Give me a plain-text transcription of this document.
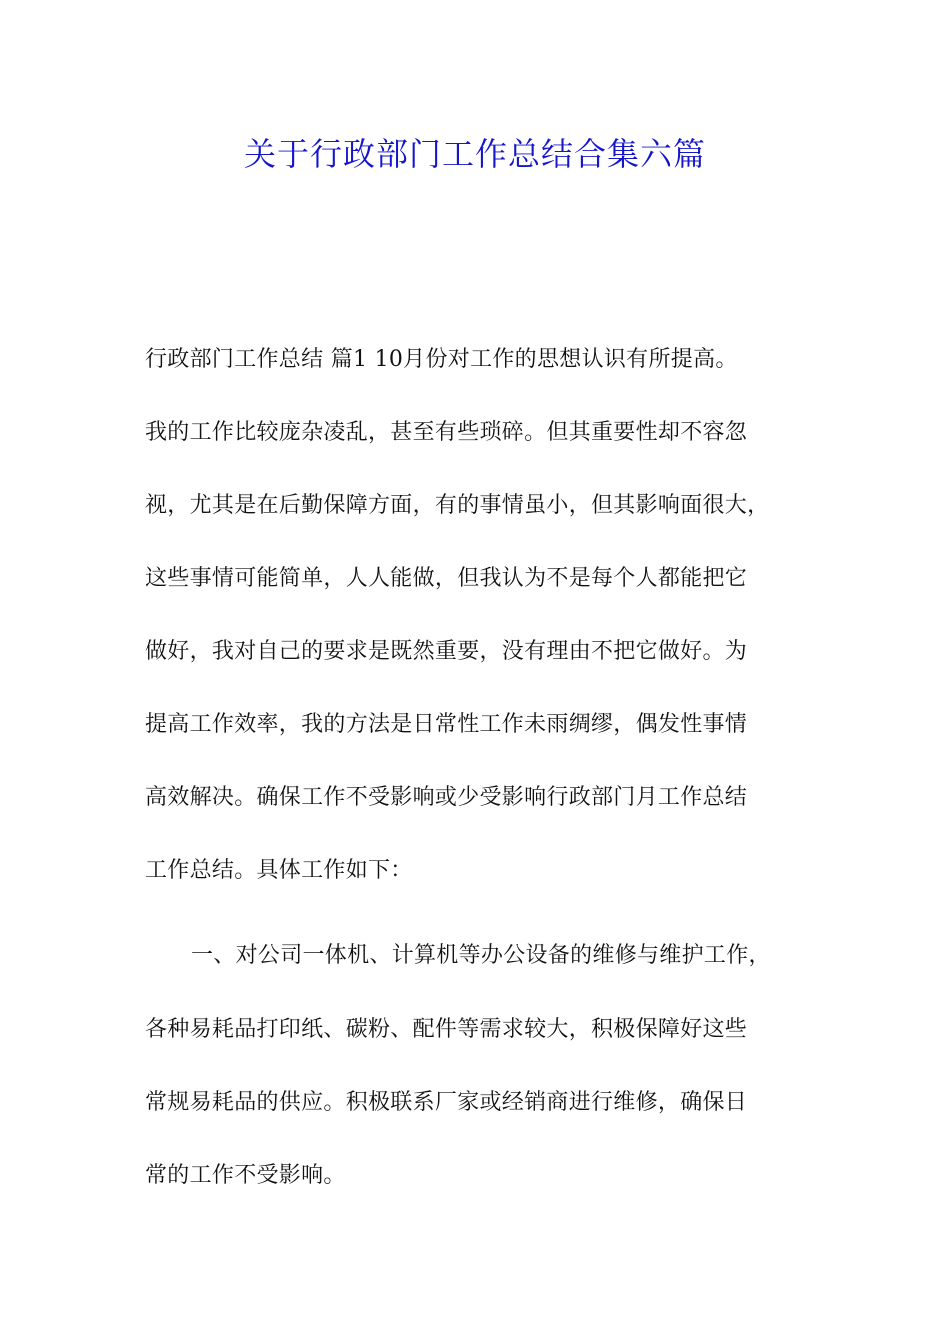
关于行政部门工作总结合集六篇
行政部门工作总结 篇1 10月份对工作的思想认识有所提高。
我的工作比较庞杂凌乱，甚至有些琐碎。但其重要性却不容忽
视，尤其是在后勤保障方面，有的事情虽小，但其影响面很大，
这些事情可能简单，人人能做，但我认为不是每个人都能把它
做好，我对自己的要求是既然重要，没有理由不把它做好。为
提高工作效率，我的方法是日常性工作未雨绸缪，偶发性事情
高效解决。确保工作不受影响或少受影响行政部门月工作总结
工作总结。具体工作如下：
一、对公司一体机、计算机等办公设备的维修与维护工作，
各种易耗品打印纸、碳粉、配件等需求较大，积极保障好这些
常规易耗品的供应。积极联系厂家或经销商进行维修，确保日
常的工作不受影响。
